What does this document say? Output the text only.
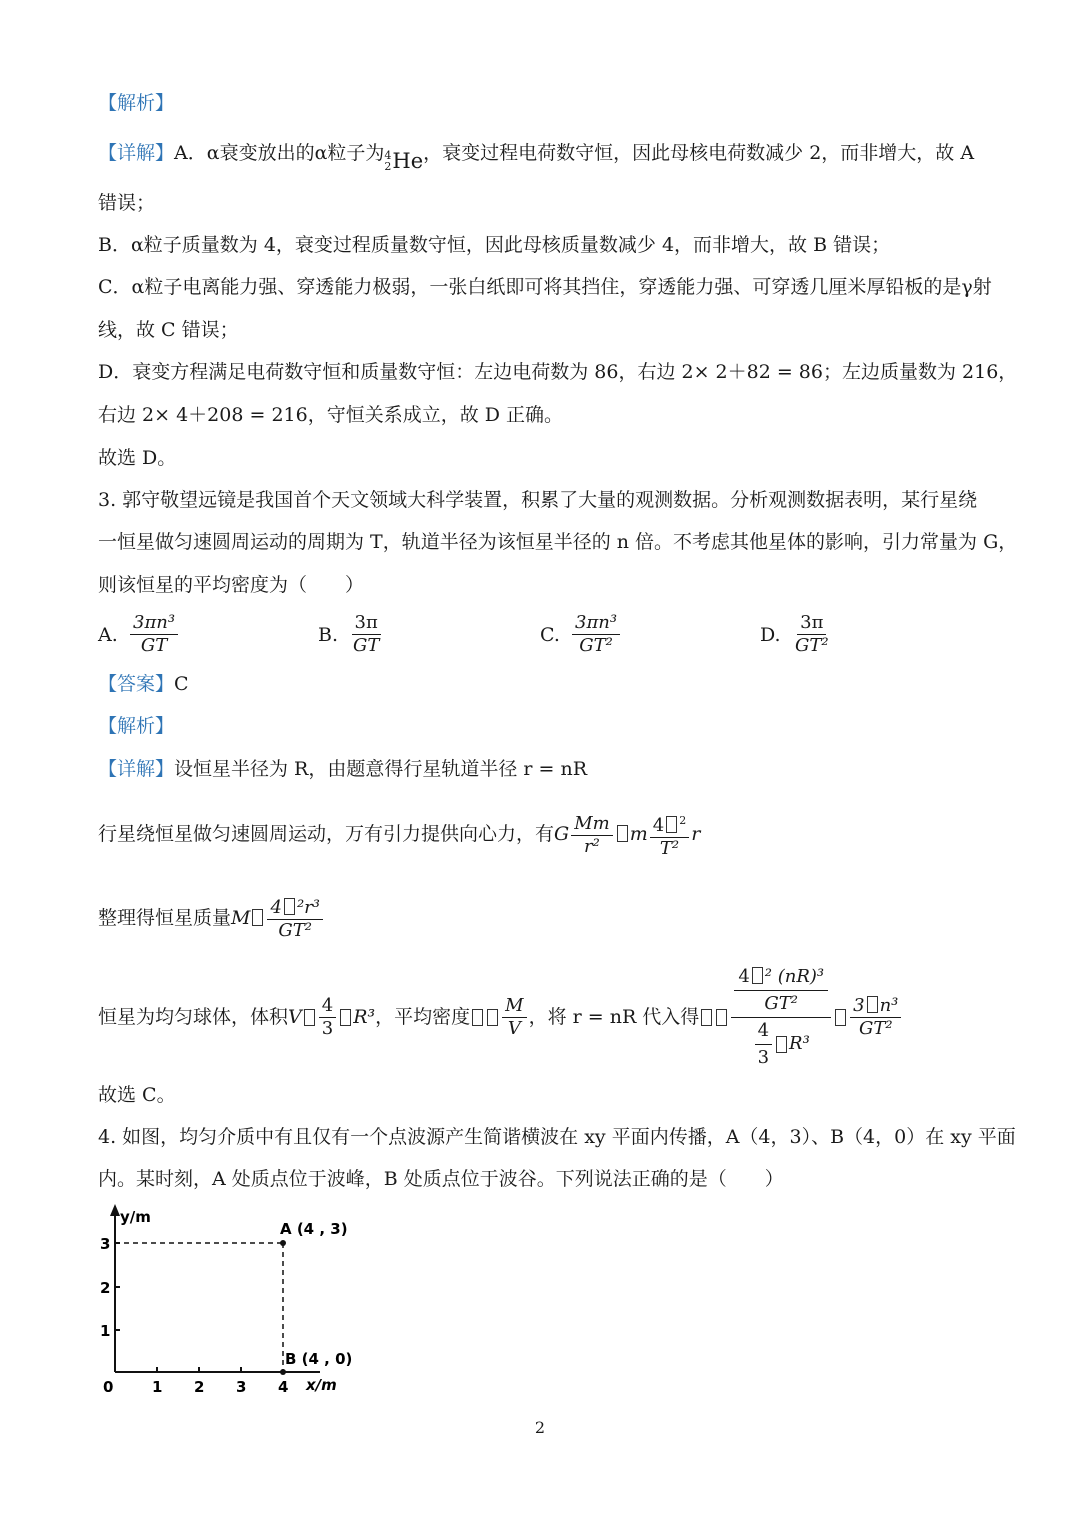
【解析】
【详解】A．α衰变放出的α粒子为 4
2 He ，衰变过程电荷数守恒，因此母核电荷数减少 2，而非增大，故 A
错误；
B．α粒子质量数为 4，衰变过程质量数守恒，因此母核质量数减少 4，而非增大，故 B 错误；
C．α粒子电离能力强、穿透能力极弱，一张白纸即可将其挡住，穿透能力强、可穿透几厘米厚铅板的是γ射
线，故 C 错误；
D．衰变方程满足电荷数守恒和质量数守恒：左边电荷数为 86，右边 2× 2＋82 = 86；左边质量数为 216，
右边 2× 4＋208 = 216，守恒关系成立，故 D 正确。
故选 D。
3. 郭守敬望远镜是我国首个天文领域大科学装置，积累了大量的观测数据。分析观测数据表明，某行星绕
一恒星做匀速圆周运动的周期为 T，轨道半径为该恒星半径的 n 倍。不考虑其他星体的影响，引力常量为 G，
则该恒星的平均密度为（　　）
A. $\frac{\text{3πn³}}{GT}$	B. $\frac{3\pi}{GT}$	C. $\frac{\text{3πn³}}{\text{GT²}}$	D. $\frac{3\pi}{\text{GT²}}$
【答案】C
【解析】
【详解】设恒星半径为 R，由题意得行星轨道半径 r = nR
行星绕恒星做匀速圆周运动，万有引力提供向心力，有G $\frac{Mm}{\text{r²}}$ m $\frac{4 ^2}{\text{T²}}$ r
整理得恒星质量M $\frac{\text{4 ²r³}}{\text{GT²}}$
恒星为均匀球体，体积 V $\frac{4}{3} R^3$ ，平均密度 $\frac{M}{V}$ ，将 r = nR 代入得 4 ² (nR)³
GT²
$\frac{4}{3} R^3 \frac{\text{3 n³}}{\text{GT²}}$
故选 C。
4. 如图，均匀介质中有且仅有一个点波源产生简谐横波在 xy 平面内传播，A（4，3）、B（4，0）在 xy 平面
内。某时刻，A 处质点位于波峰，B 处质点位于波谷。下列说法正确的是（　　）
y/m
x/m
0	1 2 3 4
1
2
3
A (4 , 3)
B (4 , 0)
2
